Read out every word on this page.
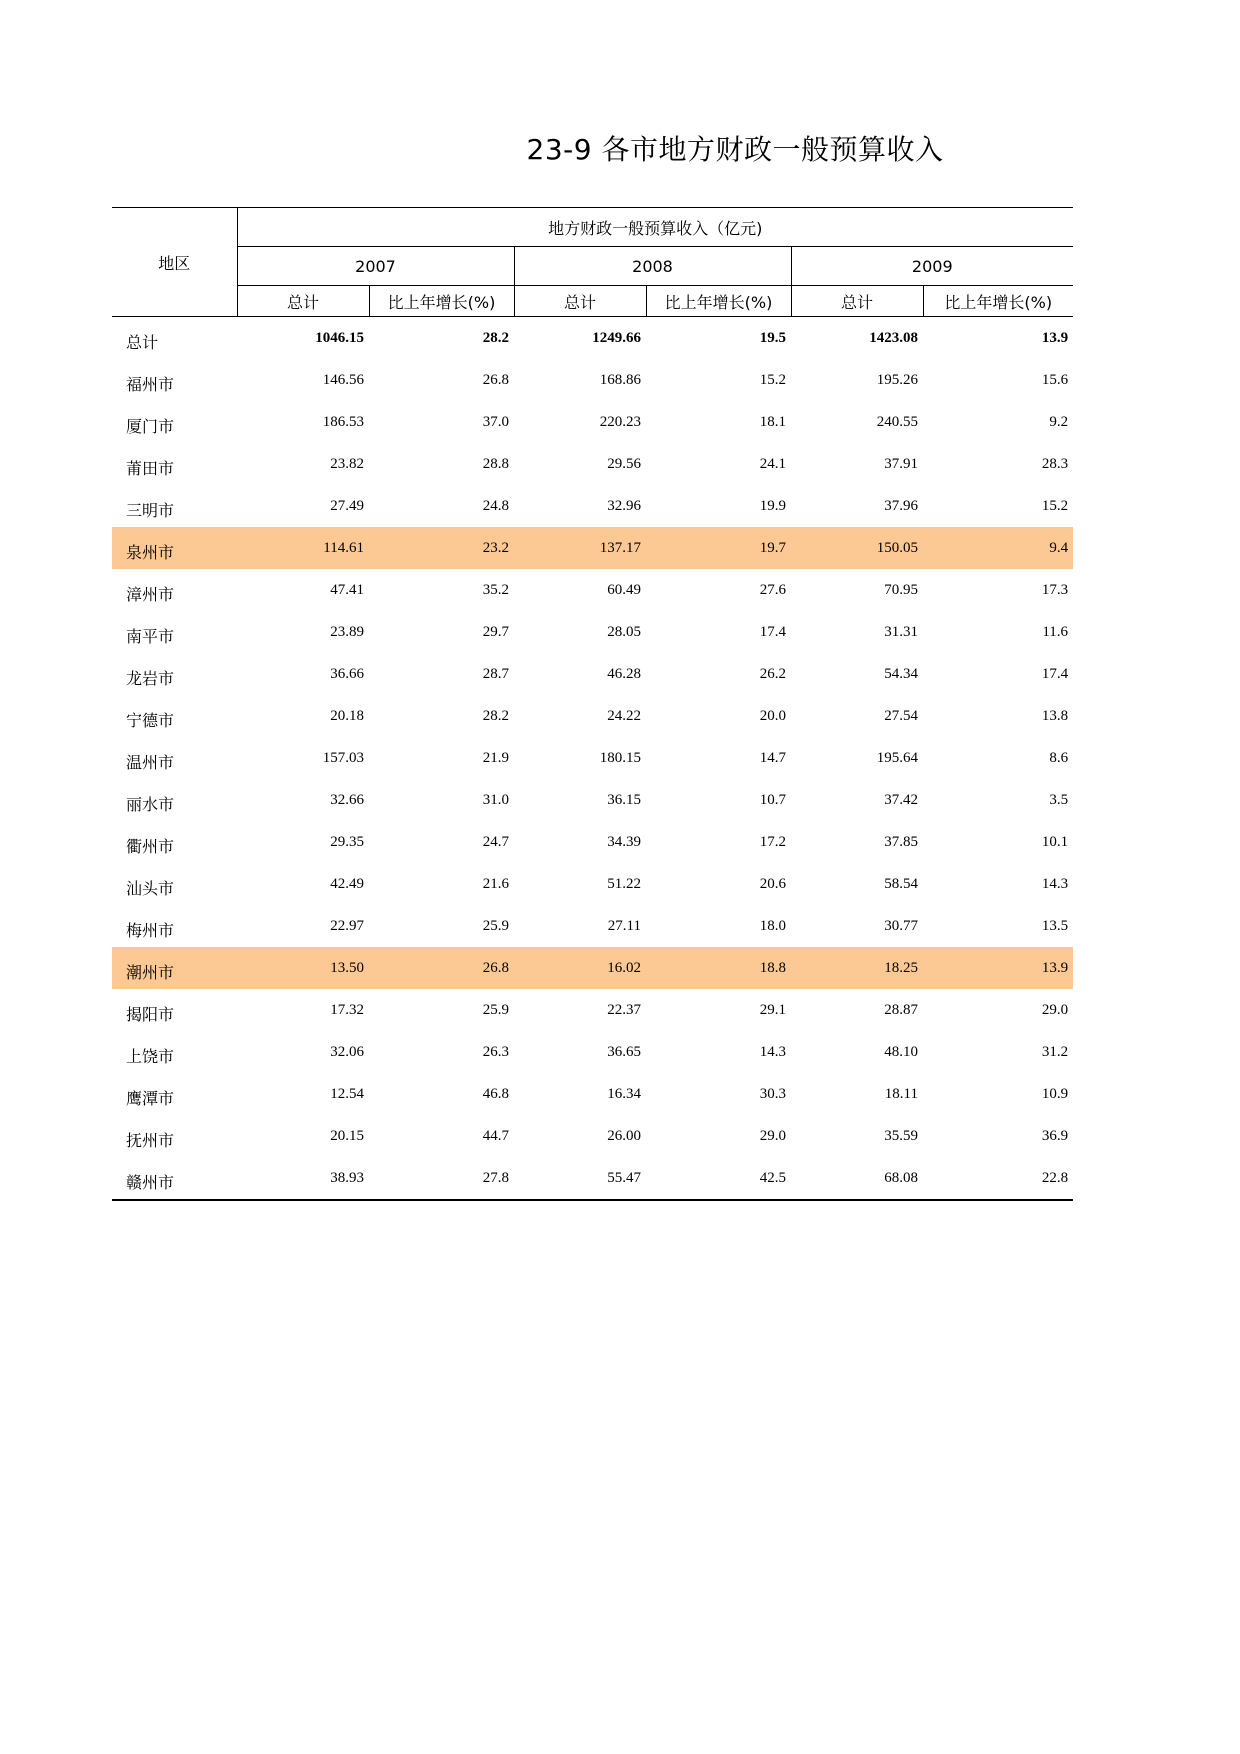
23-9 各市地方财政一般预算收入
地区	地方财政一般预算收入（亿元)					
	2007		2008		2009	
	总计	比上年增长(%)	总计	比上年增长(%)	总计	比上年增长(%)
总计	1046.15	28.2	1249.66	19.5	1423.08	13.9
福州市	146.56	26.8	168.86	15.2	195.26	15.6
厦门市	186.53	37.0	220.23	18.1	240.55	9.2
莆田市	23.82	28.8	29.56	24.1	37.91	28.3
三明市	27.49	24.8	32.96	19.9	37.96	15.2
泉州市	114.61	23.2	137.17	19.7	150.05	9.4
漳州市	47.41	35.2	60.49	27.6	70.95	17.3
南平市	23.89	29.7	28.05	17.4	31.31	11.6
龙岩市	36.66	28.7	46.28	26.2	54.34	17.4
宁德市	20.18	28.2	24.22	20.0	27.54	13.8
温州市	157.03	21.9	180.15	14.7	195.64	8.6
丽水市	32.66	31.0	36.15	10.7	37.42	3.5
衢州市	29.35	24.7	34.39	17.2	37.85	10.1
汕头市	42.49	21.6	51.22	20.6	58.54	14.3
梅州市	22.97	25.9	27.11	18.0	30.77	13.5
潮州市	13.50	26.8	16.02	18.8	18.25	13.9
揭阳市	17.32	25.9	22.37	29.1	28.87	29.0
上饶市	32.06	26.3	36.65	14.3	48.10	31.2
鹰潭市	12.54	46.8	16.34	30.3	18.11	10.9
抚州市	20.15	44.7	26.00	29.0	35.59	36.9
赣州市	38.93	27.8	55.47	42.5	68.08	22.8
